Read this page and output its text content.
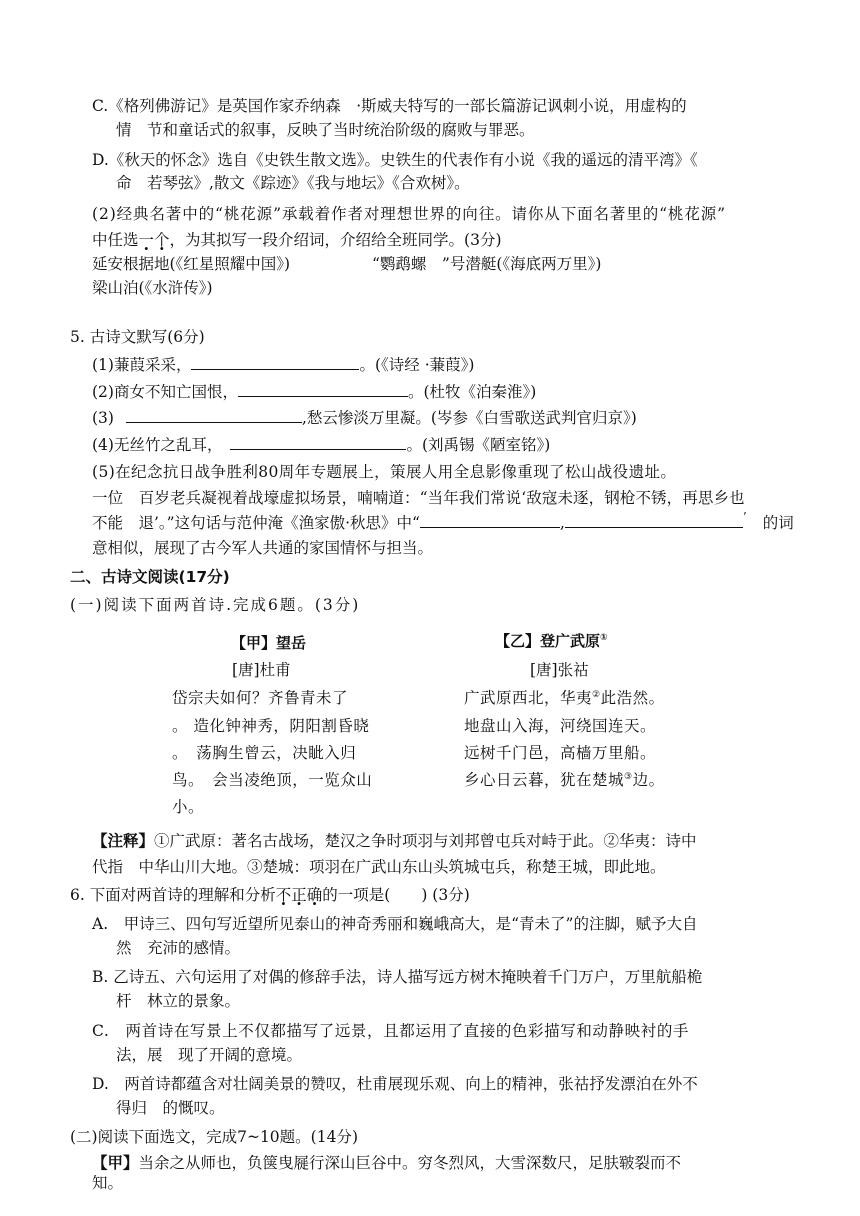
C.《格列佛游记》是英国作家乔纳森　·斯威夫特写的一部长篇游记讽刺小说，用虚构的
情　节和童话式的叙事，反映了当时统治阶级的腐败与罪恶。
D.《秋天的怀念》选自《史铁生散文选》。史铁生的代表作有小说《我的遥远的清平湾》《
命　若琴弦》,散文《踪迹》《我与地坛》《合欢树》。
(2)经典名著中的“桃花源”承载着作者对理想世界的向往。请你从下面名著里的“桃花源”
中任选一个，为其拟写一段介绍词，介绍给全班同学。(3分)
延安根据地(《红星照耀中国》)	“鹦鹉螺　”号潜艇(《海底两万里》)
梁山泊(《水浒传》)
5. 古诗文默写(6分)
(1)蒹葭采采，	。(《诗经 ·蒹葭》)
(2)商女不知亡国恨，	。(杜牧《泊秦淮》)
(3)	,愁云惨淡万里凝。(岑参《白雪歌送武判官归京》)
(4)无丝竹之乱耳，	。(刘禹锡《陋室铭》)
(5)在纪念抗日战争胜利80周年专题展上，策展人用全息影像重现了松山战役遗址。
一位　百岁老兵凝视着战壕虚拟场景，喃喃道：“当年我们常说‘敌寇未逐，钢枪不锈，再思乡也
不能　退’。”这句话与范仲淹《渔家傲·秋思》中“	,	’ 的词
意相似，展现了古今军人共通的家国情怀与担当。
二、古诗文阅读(17分)
(一)阅读下面两首诗.完成6题。(3分)
【甲】望岳
[唐]杜甫
岱宗夫如何？齐鲁青未了
。 造化钟神秀，阴阳割昏晓
。　荡胸生曾云，决眦入归
鸟。　会当凌绝顶，一览众山
小。
【乙】登广武原①
[唐]张祜
广武原西北，华夷②此浩然。
地盘山入海，河绕国连天。
远树千门邑，高樯万里船。
乡心日云暮，犹在楚城③边。
【注释】①广武原：著名古战场，楚汉之争时项羽与刘邦曾屯兵对峙于此。②华夷：诗中
代指　中华山川大地。③楚城：项羽在广武山东山头筑城屯兵，称楚王城，即此地。
6. 下面对两首诗的理解和分析不正确的一项是(　　) (3分)
A.　甲诗三、四句写近望所见泰山的神奇秀丽和巍峨高大，是“青未了”的注脚，赋予大自
然　充沛的感情。
B. 乙诗五、六句运用了对偶的修辞手法，诗人描写远方树木掩映着千门万户，万里航船桅
杆　林立的景象。
C.　两首诗在写景上不仅都描写了远景，且都运用了直接的色彩描写和动静映衬的手
法，展　现了开阔的意境。
D.　两首诗都蕴含对壮阔美景的赞叹，杜甫展现乐观、向上的精神，张祜抒发漂泊在外不
得归　的慨叹。
(二)阅读下面选文，完成7~10题。(14分)
【甲】当余之从师也，负箧曳屣行深山巨谷中。穷冬烈风，大雪深数尺，足肤皲裂而不
知。
